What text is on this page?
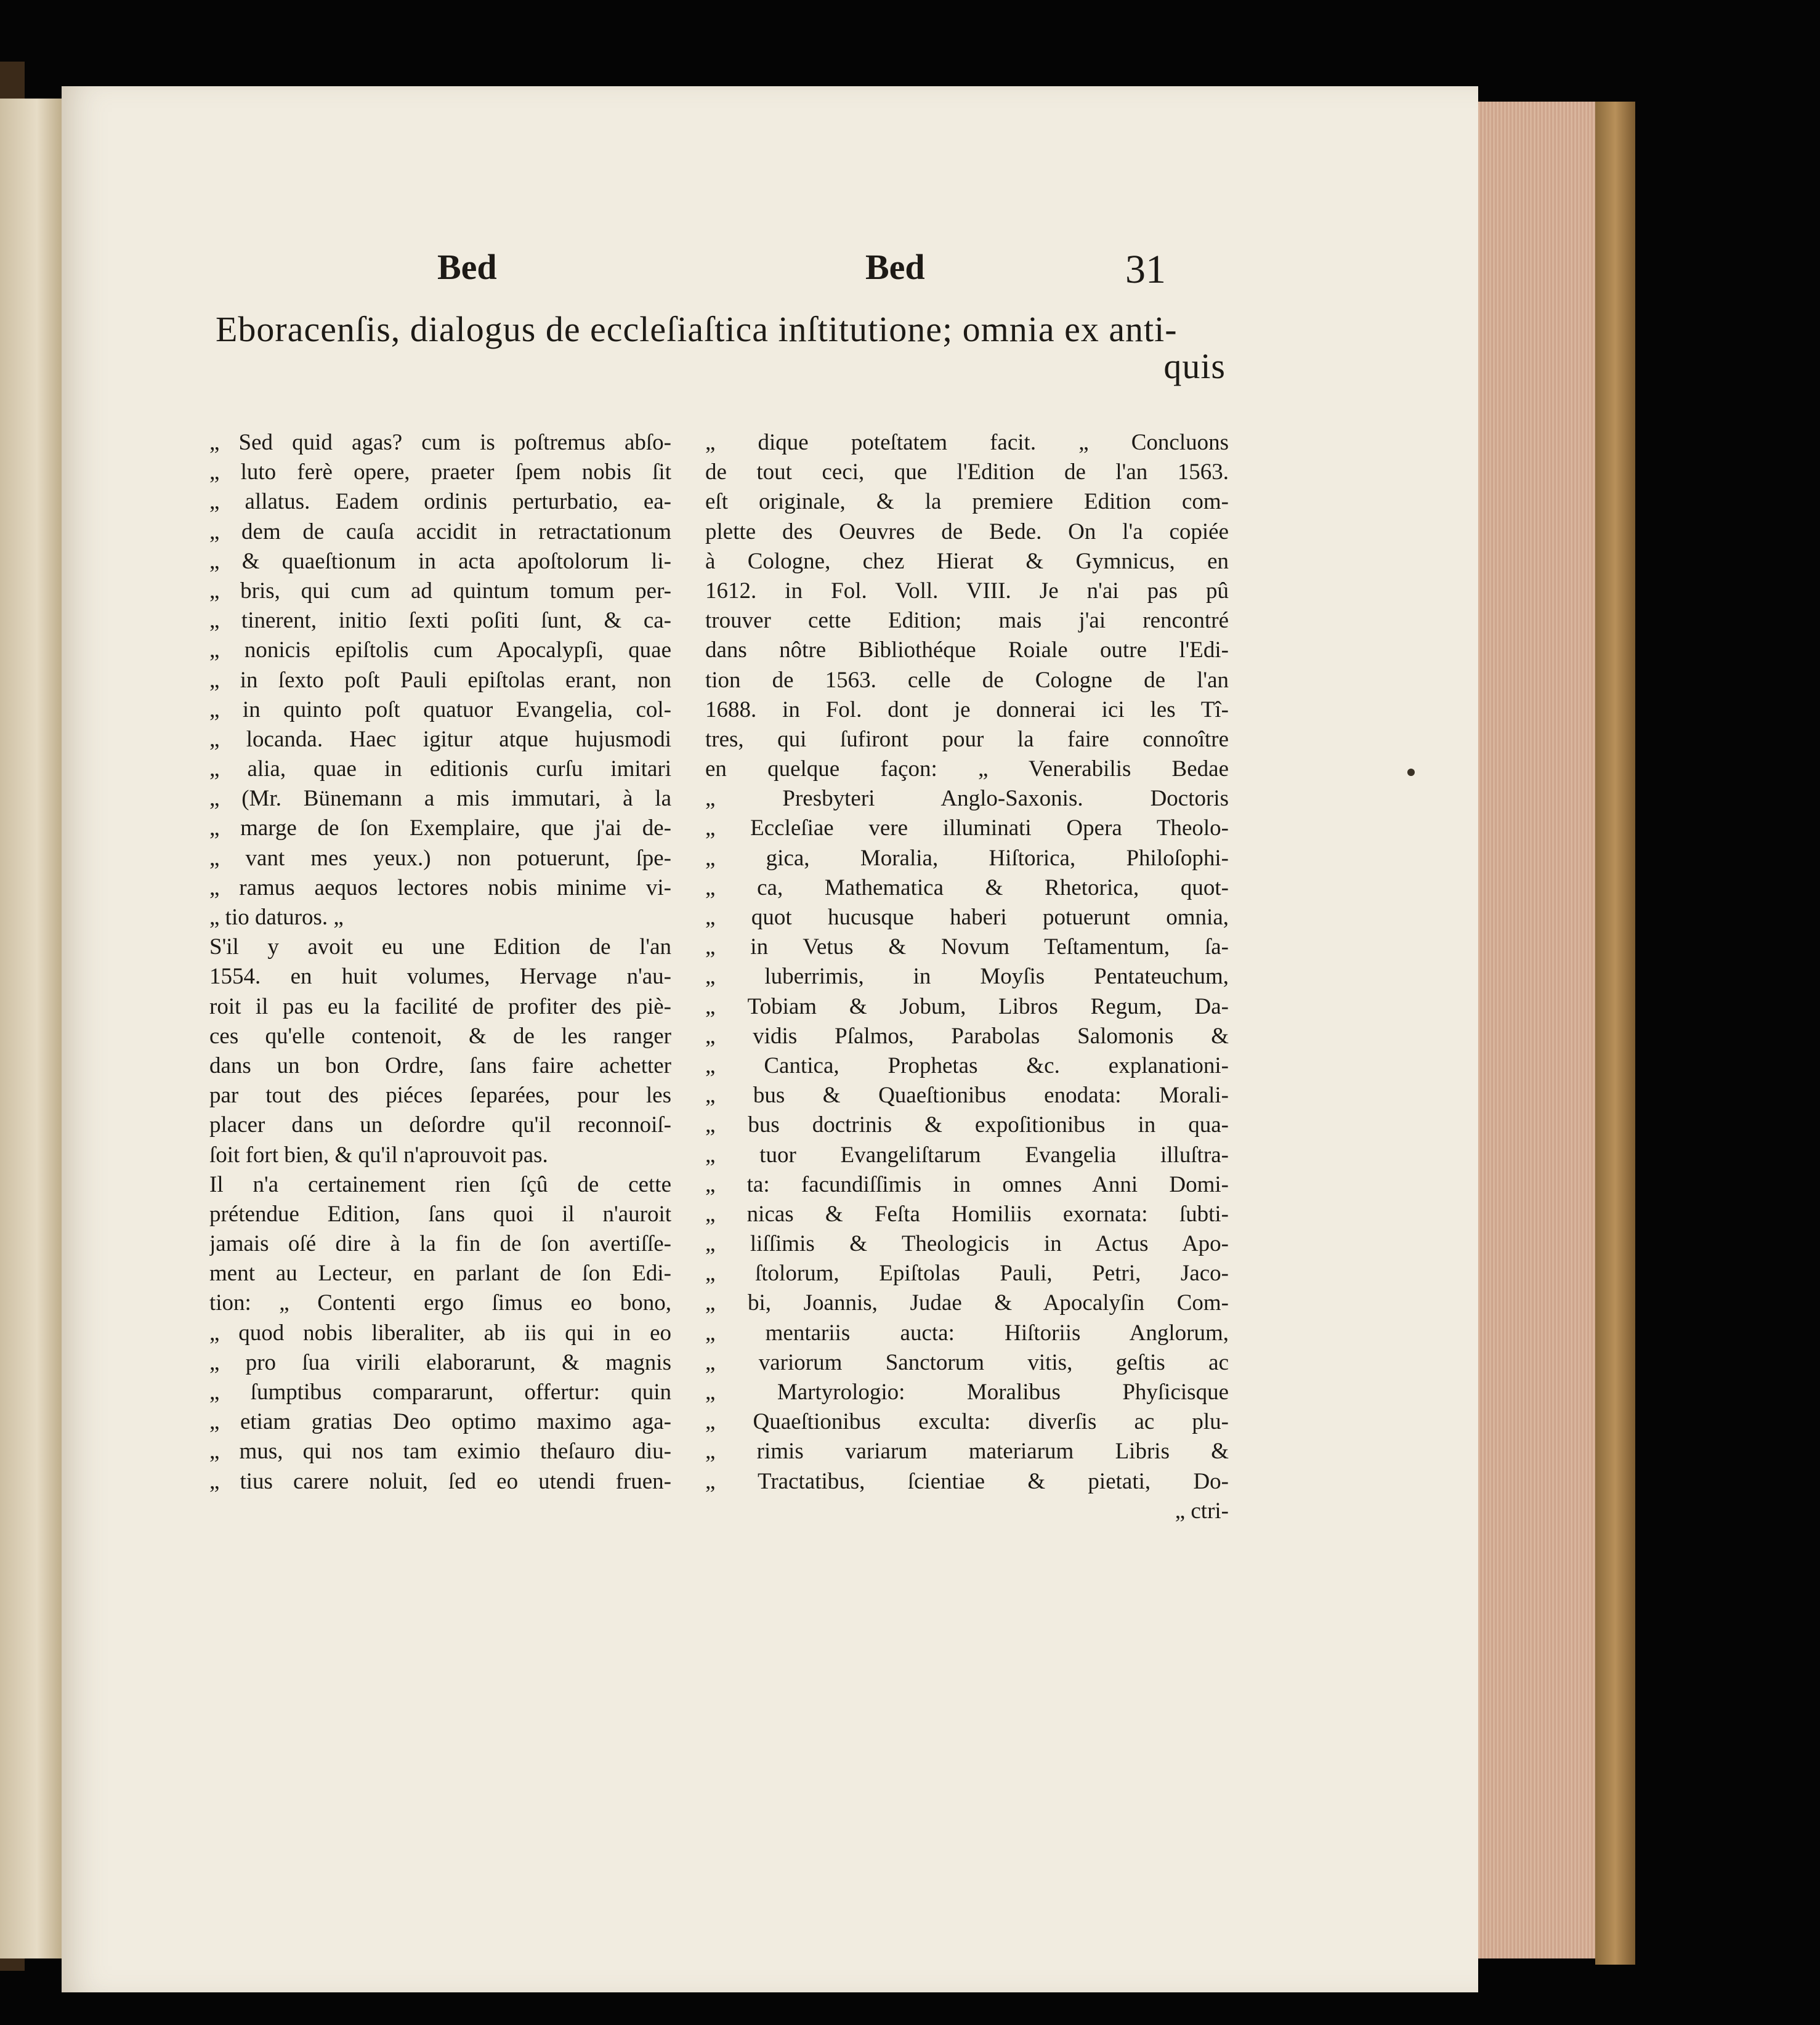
Bed	Bed	31
Eboracenſis, dialogus de eccleſiaſtica inſtitutione; omnia ex anti-
quis
„ Sed quid agas? cum is poſtremus abſo-
„ luto ferè opere, praeter ſpem nobis ſit
„ allatus. Eadem ordinis perturbatio, ea-
„ dem de cauſa accidit in retractationum
„ & quaeſtionum in acta apoſtolorum li-
„ bris, qui cum ad quintum tomum per-
„ tinerent, initio ſexti poſiti ſunt, & ca-
„ nonicis epiſtolis cum Apocalypſi, quae
„ in ſexto poſt Pauli epiſtolas erant, non
„ in quinto poſt quatuor Evangelia, col-
„ locanda. Haec igitur atque hujusmodi
„ alia, quae in editionis curſu imitari
„ (Mr. Bünemann a mis immutari, à la
„ marge de ſon Exemplaire, que j'ai de-
„ vant mes yeux.) non potuerunt, ſpe-
„ ramus aequos lectores nobis minime vi-
„ tio daturos. „
S'il y avoit eu une Edition de l'an
1554. en huit volumes, Hervage n'au-
roit il pas eu la facilité de profiter des piè-
ces qu'elle contenoit, & de les ranger
dans un bon Ordre, ſans faire achetter
par tout des piéces ſeparées, pour les
placer dans un deſordre qu'il reconnoiſ-
ſoit fort bien, & qu'il n'aprouvoit pas.
Il n'a certainement rien ſçû de cette
prétendue Edition, ſans quoi il n'auroit
jamais oſé dire à la fin de ſon avertiſſe-
ment au Lecteur, en parlant de ſon Edi-
tion: „ Contenti ergo ſimus eo bono,
„ quod nobis liberaliter, ab iis qui in eo
„ pro ſua virili elaborarunt, & magnis
„ ſumptibus compararunt, offertur: quin
„ etiam gratias Deo optimo maximo aga-
„ mus, qui nos tam eximio theſauro diu-
„ tius carere noluit, ſed eo utendi fruen-
„ dique poteſtatem facit. „ Concluons
de tout ceci, que l'Edition de l'an 1563.
eſt originale, & la premiere Edition com-
plette des Oeuvres de Bede. On l'a copiée
à Cologne, chez Hierat & Gymnicus, en
1612. in Fol. Voll. VIII. Je n'ai pas pû
trouver cette Edition; mais j'ai rencontré
dans nôtre Bibliothéque Roiale outre l'Edi-
tion de 1563. celle de Cologne de l'an
1688. in Fol. dont je donnerai ici les Tî-
tres, qui ſufiront pour la faire connoître
en quelque façon: „ Venerabilis Bedae
„ Presbyteri Anglo-Saxonis. Doctoris
„ Eccleſiae vere illuminati Opera Theolo-
„ gica, Moralia, Hiſtorica, Philoſophi-
„ ca, Mathematica & Rhetorica, quot-
„ quot hucusque haberi potuerunt omnia,
„ in Vetus & Novum Teſtamentum, ſa-
„ luberrimis, in Moyſis Pentateuchum,
„ Tobiam & Jobum, Libros Regum, Da-
„ vidis Pſalmos, Parabolas Salomonis &
„ Cantica, Prophetas &c. explanationi-
„ bus & Quaeſtionibus enodata: Morali-
„ bus doctrinis & expoſitionibus in qua-
„ tuor Evangeliſtarum Evangelia illuſtra-
„ ta: facundiſſimis in omnes Anni Domi-
„ nicas & Feſta Homiliis exornata: ſubti-
„ liſſimis & Theologicis in Actus Apo-
„ ſtolorum, Epiſtolas Pauli, Petri, Jaco-
„ bi, Joannis, Judae & Apocalyſin Com-
„ mentariis aucta: Hiſtoriis Anglorum,
„ variorum Sanctorum vitis, geſtis ac
„ Martyrologio: Moralibus Phyſicisque
„ Quaeſtionibus exculta: diverſis ac plu-
„ rimis variarum materiarum Libris &
„ Tractatibus, ſcientiae & pietati, Do-
„ ctri-
